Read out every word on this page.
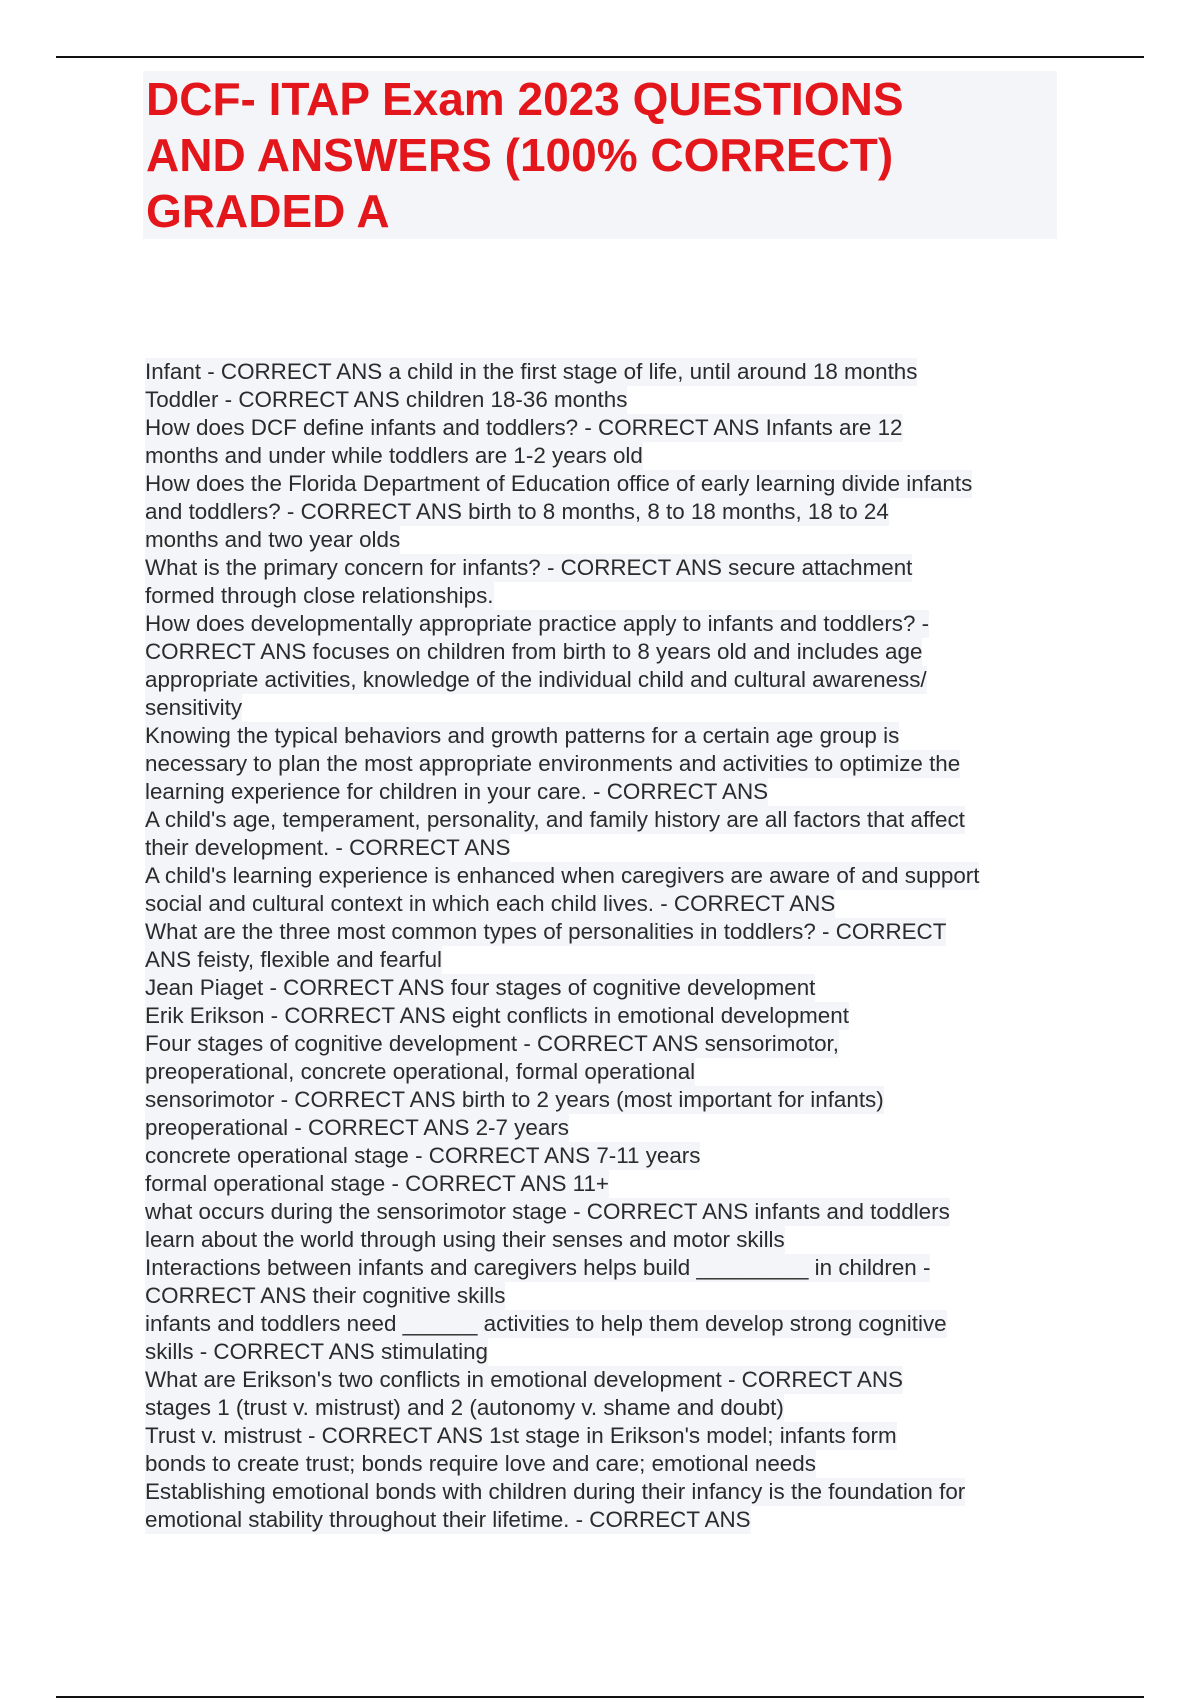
DCF- ITAP Exam 2023 QUESTIONS
AND ANSWERS (100% CORRECT)
GRADED A
Infant - CORRECT ANS a child in the first stage of life, until around 18 months
Toddler - CORRECT ANS children 18-36 months
How does DCF define infants and toddlers? - CORRECT ANS Infants are 12
months and under while toddlers are 1-2 years old
How does the Florida Department of Education office of early learning divide infants
and toddlers? - CORRECT ANS birth to 8 months, 8 to 18 months, 18 to 24
months and two year olds
What is the primary concern for infants? - CORRECT ANS secure attachment
formed through close relationships.
How does developmentally appropriate practice apply to infants and toddlers? -
CORRECT ANS focuses on children from birth to 8 years old and includes age
appropriate activities, knowledge of the individual child and cultural awareness/
sensitivity
Knowing the typical behaviors and growth patterns for a certain age group is
necessary to plan the most appropriate environments and activities to optimize the
learning experience for children in your care. - CORRECT ANS
A child's age, temperament, personality, and family history are all factors that affect
their development. - CORRECT ANS
A child's learning experience is enhanced when caregivers are aware of and support
social and cultural context in which each child lives. - CORRECT ANS
What are the three most common types of personalities in toddlers? - CORRECT
ANS feisty, flexible and fearful
Jean Piaget - CORRECT ANS four stages of cognitive development
Erik Erikson - CORRECT ANS eight conflicts in emotional development
Four stages of cognitive development - CORRECT ANS sensorimotor,
preoperational, concrete operational, formal operational
sensorimotor - CORRECT ANS birth to 2 years (most important for infants)
preoperational - CORRECT ANS 2-7 years
concrete operational stage - CORRECT ANS 7-11 years
formal operational stage - CORRECT ANS 11+
what occurs during the sensorimotor stage - CORRECT ANS infants and toddlers
learn about the world through using their senses and motor skills
Interactions between infants and caregivers helps build _________ in children -
CORRECT ANS their cognitive skills
infants and toddlers need ______ activities to help them develop strong cognitive
skills - CORRECT ANS stimulating
What are Erikson's two conflicts in emotional development - CORRECT ANS
stages 1 (trust v. mistrust) and 2 (autonomy v. shame and doubt)
Trust v. mistrust - CORRECT ANS 1st stage in Erikson's model; infants form
bonds to create trust; bonds require love and care; emotional needs
Establishing emotional bonds with children during their infancy is the foundation for
emotional stability throughout their lifetime. - CORRECT ANS
